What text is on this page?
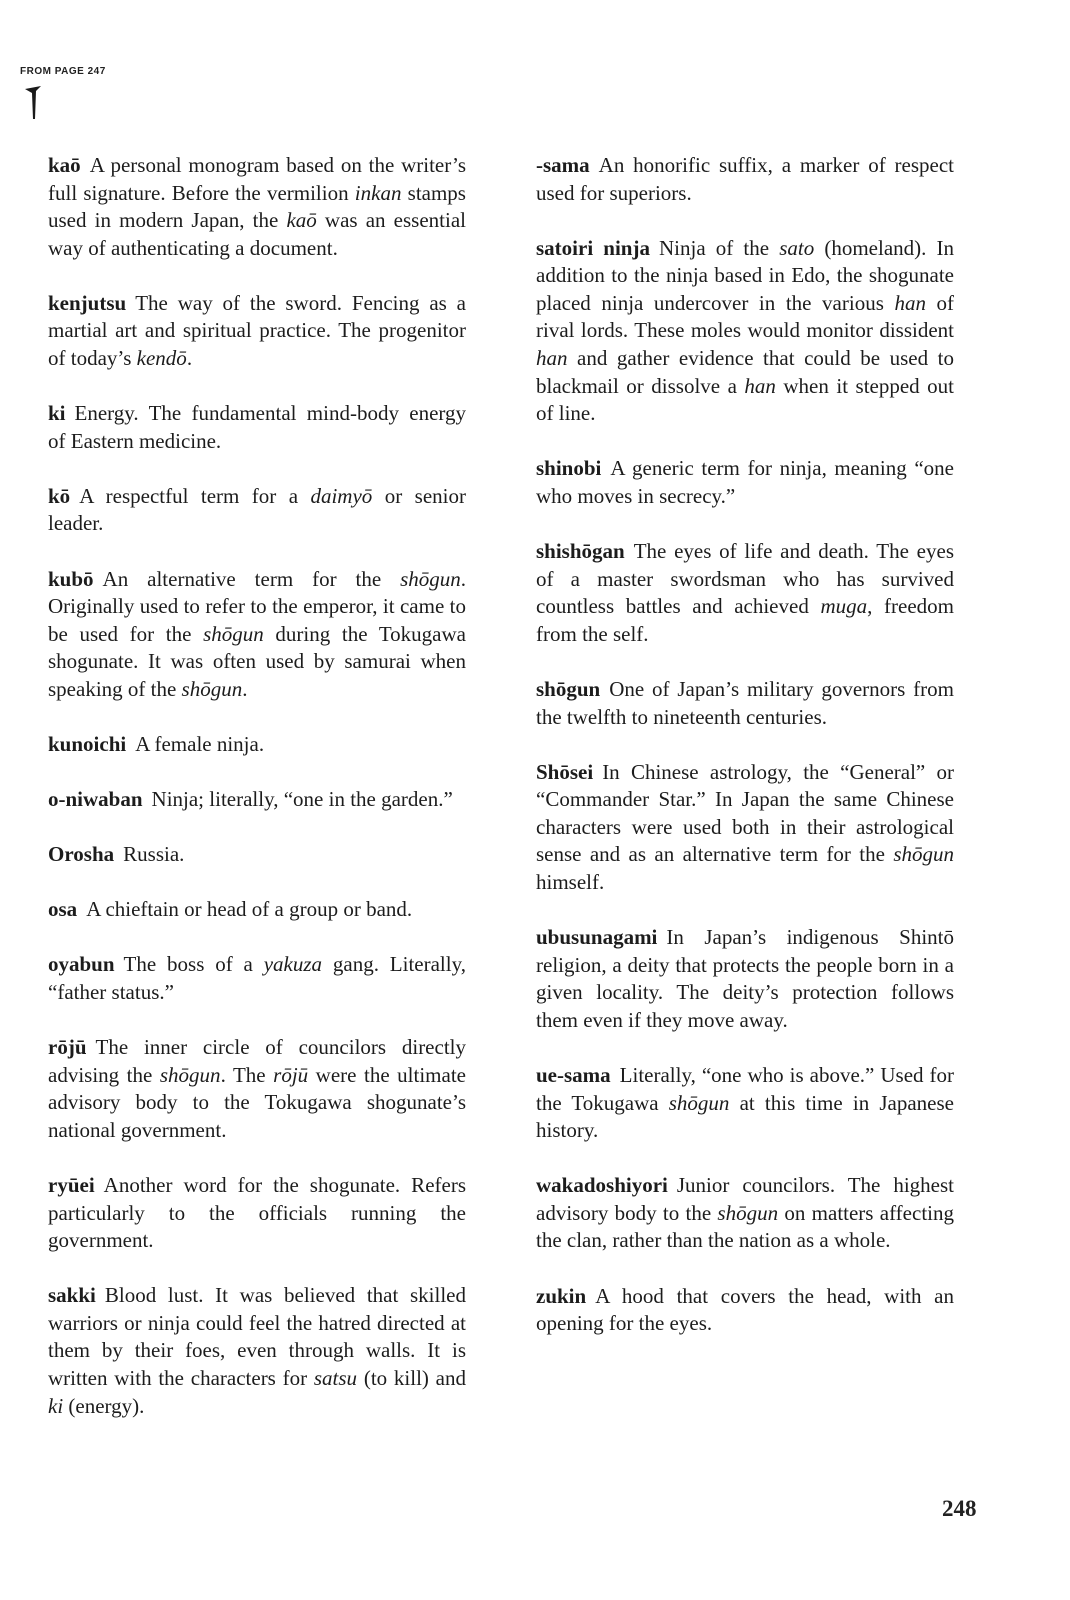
FROM PAGE 247

kaō A personal monogram based on the writer’s full signature. Before the vermilion inkan stamps used in modern Japan, the kaō was an essential way of authenticating a document.

kenjutsu The way of the sword. Fencing as a martial art and spiritual practice. The progenitor of today’s kendō.

ki Energy. The fundamental mind-body energy of Eastern medicine.

kō A respectful term for a daimyō or senior leader.

kubō An alternative term for the shōgun. Originally used to refer to the emperor, it came to be used for the shōgun during the Tokugawa shogunate. It was often used by samurai when speaking of the shōgun.

kunoichi A female ninja.

o-niwaban Ninja; literally, “one in the garden.”

Orosha Russia.

osa A chieftain or head of a group or band.

oyabun The boss of a yakuza gang. Literally, “father status.”

rōjū The inner circle of councilors directly advising the shōgun. The rōjū were the ultimate advisory body to the Tokugawa shogunate’s national government.

ryūei Another word for the shogunate. Refers particularly to the officials running the government.

sakki Blood lust. It was believed that skilled warriors or ninja could feel the hatred directed at them by their foes, even through walls. It is written with the characters for satsu (to kill) and ki (energy).

-sama An honorific suffix, a marker of respect used for superiors.

satoiri ninja Ninja of the sato (homeland). In addition to the ninja based in Edo, the shogunate placed ninja undercover in the various han of rival lords. These moles would monitor dissident han and gather evidence that could be used to blackmail or dissolve a han when it stepped out of line.

shinobi A generic term for ninja, meaning “one who moves in secrecy.”

shishōgan The eyes of life and death. The eyes of a master swordsman who has survived countless battles and achieved muga, freedom from the self.

shōgun One of Japan’s military governors from the twelfth to nineteenth centuries.

Shōsei In Chinese astrology, the “General” or “Commander Star.” In Japan the same Chinese characters were used both in their astrological sense and as an alternative term for the shōgun himself.

ubusunagami In Japan’s indigenous Shintō religion, a deity that protects the people born in a given locality. The deity’s protection follows them even if they move away.

ue-sama Literally, “one who is above.” Used for the Tokugawa shōgun at this time in Japanese history.

wakadoshiyori Junior councilors. The highest advisory body to the shōgun on matters affecting the clan, rather than the nation as a whole.

zukin A hood that covers the head, with an opening for the eyes.

248
